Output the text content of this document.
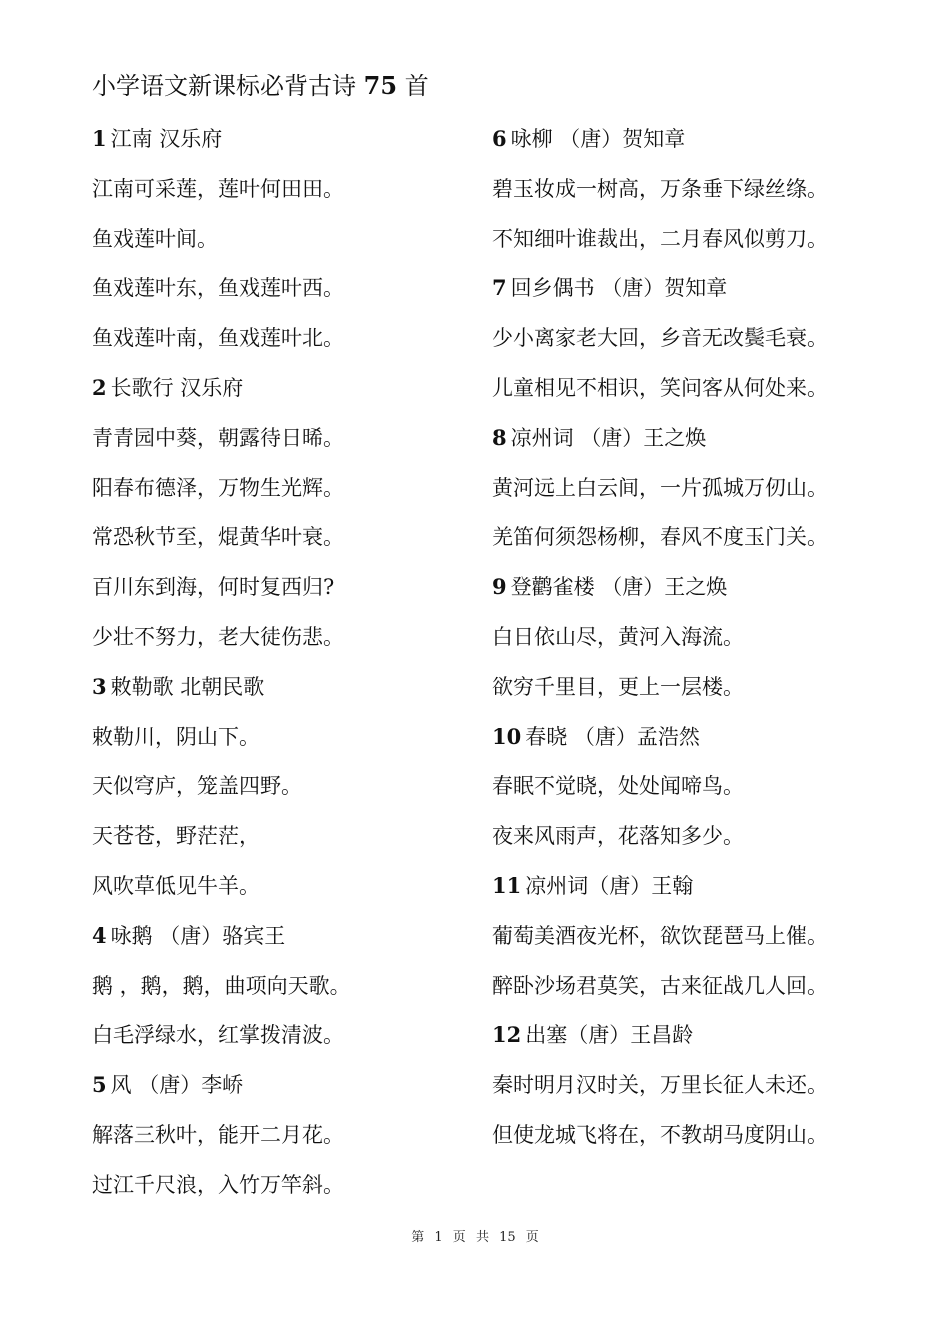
小学语文新课标必背古诗 75 首
1 江南 汉乐府
江南可采莲，莲叶何田田。
鱼戏莲叶间。
鱼戏莲叶东，鱼戏莲叶西。
鱼戏莲叶南，鱼戏莲叶北。
2 长歌行 汉乐府
青青园中葵，朝露待日晞。
阳春布德泽，万物生光辉。
常恐秋节至，焜黄华叶衰。
百川东到海，何时复西归?
少壮不努力，老大徒伤悲。
3 敕勒歌 北朝民歌
敕勒川，阴山下。
天似穹庐，笼盖四野。
天苍苍，野茫茫，
风吹草低见牛羊。
4 咏鹅 （唐）骆宾王
鹅 ，鹅，鹅，曲项向天歌。
白毛浮绿水，红掌拨清波。
5 风 （唐）李峤
解落三秋叶，能开二月花。
过江千尺浪，入竹万竿斜。
6 咏柳 （唐）贺知章
碧玉妆成一树高，万条垂下绿丝绦。
不知细叶谁裁出，二月春风似剪刀。
7 回乡偶书 （唐）贺知章
少小离家老大回，乡音无改鬓毛衰。
儿童相见不相识，笑问客从何处来。
8 凉州词 （唐）王之焕
黄河远上白云间，一片孤城万仞山。
羌笛何须怨杨柳，春风不度玉门关。
9 登鹳雀楼 （唐）王之焕
白日依山尽，黄河入海流。
欲穷千里目，更上一层楼。
10 春晓 （唐）孟浩然
春眠不觉晓，处处闻啼鸟。
夜来风雨声，花落知多少。
11 凉州词（唐）王翰
葡萄美酒夜光杯，欲饮琵琶马上催。
醉卧沙场君莫笑，古来征战几人回。
12 出塞（唐）王昌龄
秦时明月汉时关，万里长征人未还。
但使龙城飞将在，不教胡马度阴山。
第 1 页 共 15 页
